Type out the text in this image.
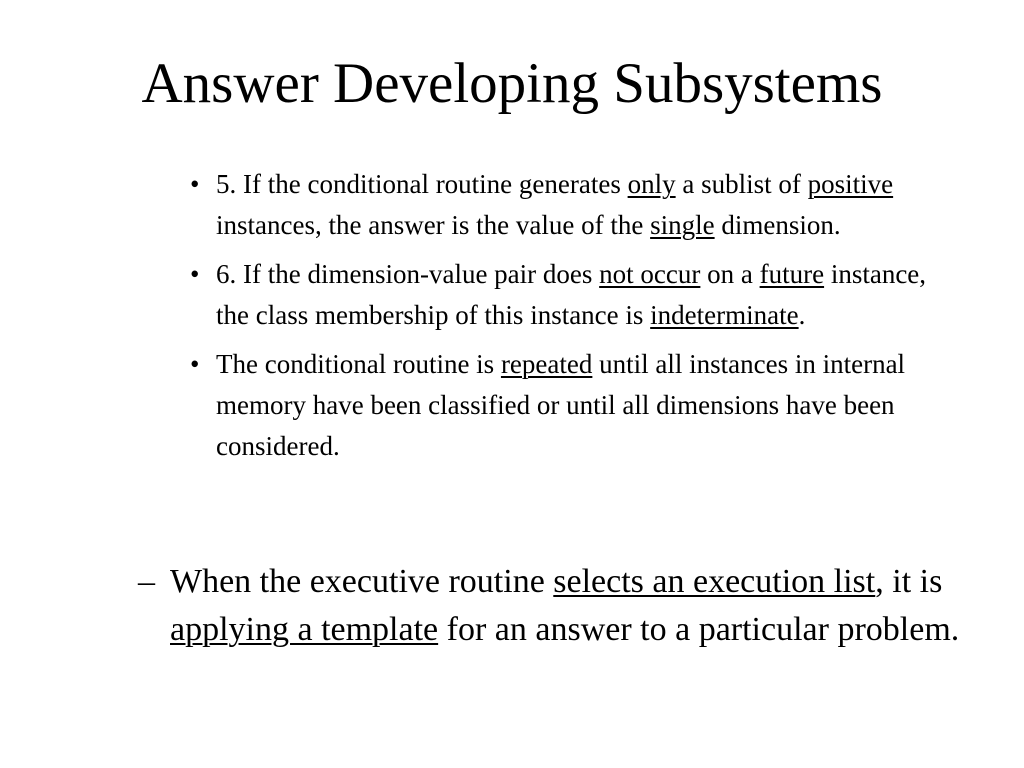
Answer Developing Subsystems
• 5. If the conditional routine generates only a sublist of positive instances, the answer is the value of the single dimension.
• 6. If the dimension-value pair does not occur on a future instance, the class membership of this instance is indeterminate.
• The conditional routine is repeated until all instances in internal memory have been classified or until all dimensions have been considered.
– When the executive routine selects an execution list, it is applying a template for an answer to a particular problem.
